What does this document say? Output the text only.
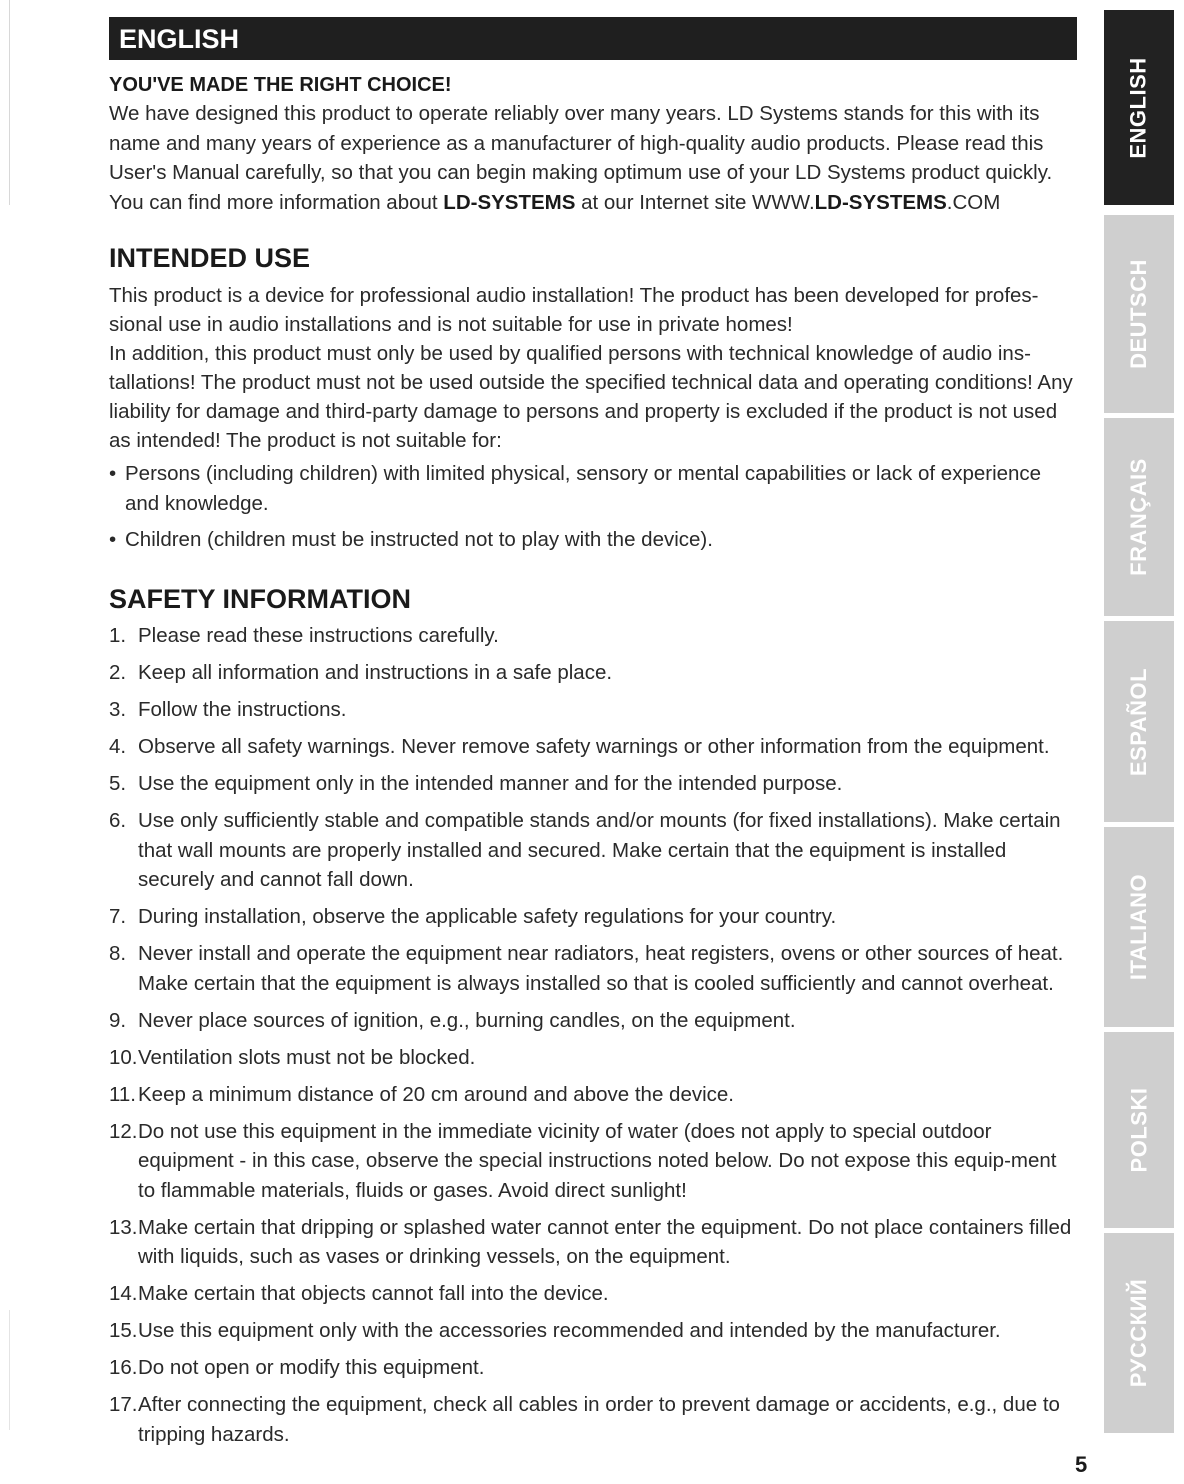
ENGLISH
YOU'VE MADE THE RIGHT CHOICE!

We have designed this product to operate reliably over many years. LD Systems stands for this with its name and many years of experience as a manufacturer of high-quality audio products. Please read this User's Manual carefully, so that you can begin making optimum use of your LD Systems product quickly. You can find more information about LD-SYSTEMS at our Internet site WWW.LD-SYSTEMS.COM

INTENDED USE

This product is a device for professional audio installation! The product has been developed for profes-sional use in audio installations and is not suitable for use in private homes!

In addition, this product must only be used by qualified persons with technical knowledge of audio ins-tallations! The product must not be used outside the specified technical data and operating conditions! Any liability for damage and third-party damage to persons and property is excluded if the product is not used as intended! The product is not suitable for:

• Persons (including children) with limited physical, sensory or mental capabilities or lack of experience and knowledge.
• Children (children must be instructed not to play with the device).
SAFETY INFORMATION
1. Please read these instructions carefully.
2. Keep all information and instructions in a safe place.
3. Follow the instructions.
4. Observe all safety warnings. Never remove safety warnings or other information from the equipment.
5. Use the equipment only in the intended manner and for the intended purpose.
6. Use only sufficiently stable and compatible stands and/or mounts (for fixed installations). Make certain that wall mounts are properly installed and secured. Make certain that the equipment is installed securely and cannot fall down.
7. During installation, observe the applicable safety regulations for your country.
8. Never install and operate the equipment near radiators, heat registers, ovens or other sources of heat. Make certain that the equipment is always installed so that is cooled sufficiently and cannot overheat.
9. Never place sources of ignition, e.g., burning candles, on the equipment.
10. Ventilation slots must not be blocked.
11. Keep a minimum distance of 20 cm around and above the device.
12. Do not use this equipment in the immediate vicinity of water (does not apply to special outdoor equipment - in this case, observe the special instructions noted below. Do not expose this equip-ment to flammable materials, fluids or gases. Avoid direct sunlight!
13. Make certain that dripping or splashed water cannot enter the equipment. Do not place containers filled with liquids, such as vases or drinking vessels, on the equipment.
14. Make certain that objects cannot fall into the device.
15. Use this equipment only with the accessories recommended and intended by the manufacturer.
16. Do not open or modify this equipment.
17. After connecting the equipment, check all cables in order to prevent damage or accidents, e.g., due to tripping hazards.
ENGLISH
DEUTSCH
FRANÇAIS
ESPAÑOL
ITALIANO
POLSKI
РУССКИЙ
5
